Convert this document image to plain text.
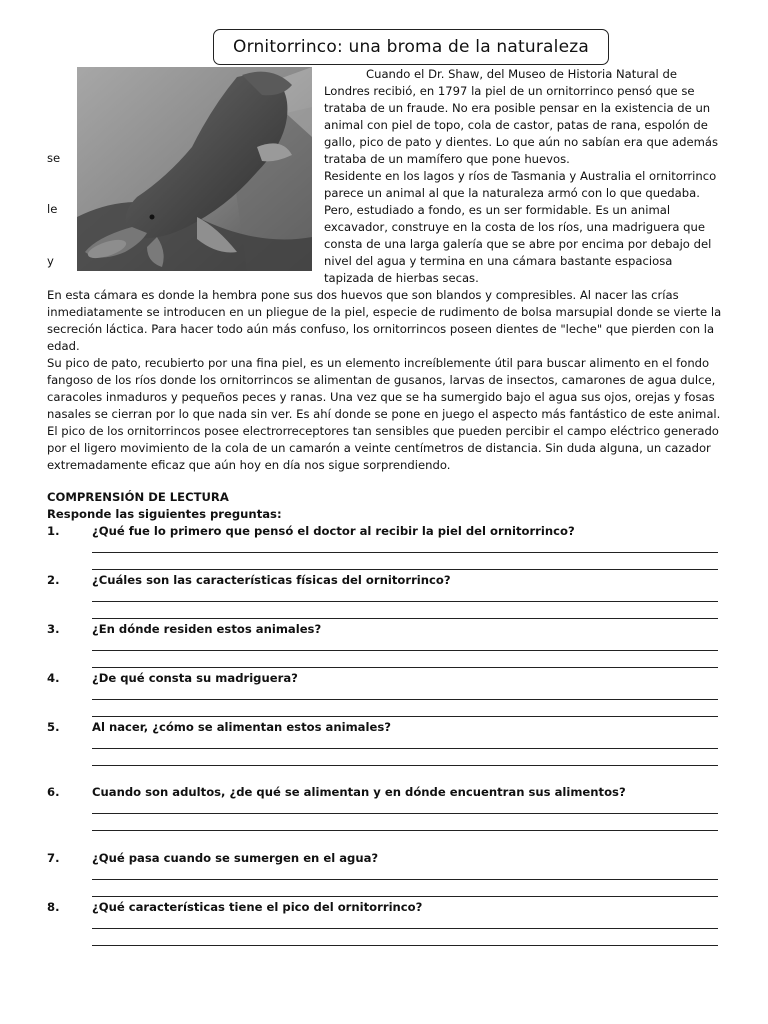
Ornitorrinco: una broma de la naturaleza

Cuando el Dr. Shaw, del Museo de Historia Natural de Londres recibió, en 1797 la piel de un ornitorrinco pensó que se trataba de un fraude. No era posible pensar en la existencia de un animal con piel de topo, cola de castor, patas de rana, espolón de gallo, pico de pato y dientes. Lo que aún no sabían era que además trataba de un mamífero que pone huevos.

Residente en los lagos y ríos de Tasmania y Australia el ornitorrinco parece un animal al que la naturaleza armó con lo que quedaba. Pero, estudiado a fondo, es un ser formidable. Es un animal excavador, construye en la costa de los ríos, una madriguera que consta de una larga galería que se abre por encima por debajo del nivel del agua y termina en una cámara bastante espaciosa tapizada de hierbas secas.

se
le
y

En esta cámara es donde la hembra pone sus dos huevos que son blandos y compresibles. Al nacer las crías inmediatamente se introducen en un pliegue de la piel, especie de rudimento de bolsa marsupial donde se vierte la secreción láctica. Para hacer todo aún más confuso, los ornitorrincos poseen dientes de "leche" que pierden con la edad.

Su pico de pato, recubierto por una fina piel, es un elemento increíblemente útil para buscar alimento en el fondo fangoso de los ríos donde los ornitorrincos se alimentan de gusanos, larvas de insectos, camarones de agua dulce, caracoles inmaduros y pequeños peces y ranas. Una vez que se ha sumergido bajo el agua sus ojos, orejas y fosas nasales se cierran por lo que nada sin ver. Es ahí donde se pone en juego el aspecto más fantástico de este animal.

El pico de los ornitorrincos posee electrorreceptores tan sensibles que pueden percibir el campo eléctrico generado por el ligero movimiento de la cola de un camarón a veinte centímetros de distancia. Sin duda alguna, un cazador extremadamente eficaz que aún hoy en día nos sigue sorprendiendo.

COMPRENSIÓN DE LECTURA
Responde las siguientes preguntas:
1.	¿Qué fue lo primero que pensó el doctor al recibir la piel del ornitorrinco?
2.	¿Cuáles son las características físicas del ornitorrinco?
3.	¿En dónde residen estos animales?
4.	¿De qué consta su madriguera?
5.	Al nacer, ¿cómo se alimentan estos animales?
6.	Cuando son adultos, ¿de qué se alimentan y en dónde encuentran sus alimentos?
7.	¿Qué pasa cuando se sumergen en el agua?
8.	¿Qué características tiene el pico del ornitorrinco?
